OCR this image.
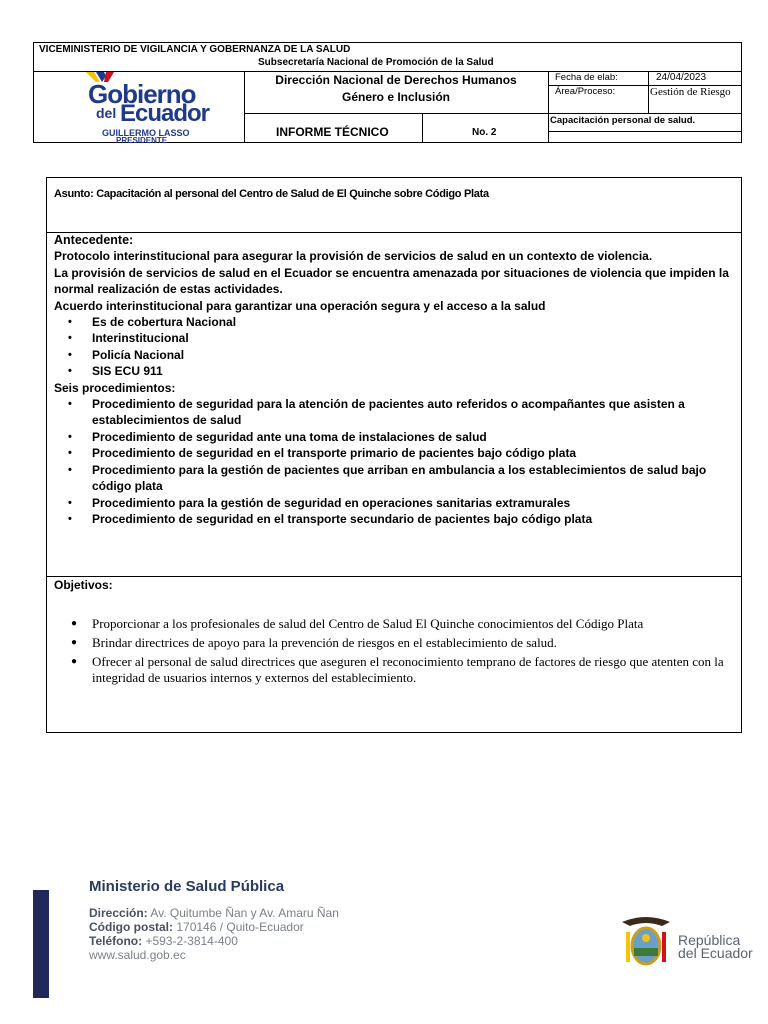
VICEMINISTERIO DE VIGILANCIA Y GOBERNANZA DE LA SALUD
Subsecretaría Nacional de Promoción de la Salud
Gobierno
del Ecuador
GUILLERMO LASSO
PRESIDENTE
Dirección Nacional de Derechos Humanos
Género e Inclusión
INFORME TÉCNICO	No. 2
Fecha de elab:	24/04/2023
Área/Proceso:	Gestión de Riesgo
Capacitación personal de salud.
Asunto: Capacitación al personal del Centro de Salud de El Quinche sobre Código Plata
Antecedente:
Protocolo interinstitucional para asegurar la provisión de servicios de salud en un contexto de violencia.
La provisión de servicios de salud en el Ecuador se encuentra amenazada por situaciones de violencia que impiden la normal realización de estas actividades.
Acuerdo interinstitucional para garantizar una operación segura y el acceso a la salud
• Es de cobertura Nacional
• Interinstitucional
• Policía Nacional
• SIS ECU 911
Seis procedimientos:
• Procedimiento de seguridad para la atención de pacientes auto referidos o acompañantes que asisten a establecimientos de salud
• Procedimiento de seguridad ante una toma de instalaciones de salud
• Procedimiento de seguridad en el transporte primario de pacientes bajo código plata
• Procedimiento para la gestión de pacientes que arriban en ambulancia a los establecimientos de salud bajo código plata
• Procedimiento para la gestión de seguridad en operaciones sanitarias extramurales
• Procedimiento de seguridad en el transporte secundario de pacientes bajo código plata
Objetivos:
● Proporcionar a los profesionales de salud del Centro de Salud El Quinche conocimientos del Código Plata
● Brindar directrices de apoyo para la prevención de riesgos en el establecimiento de salud.
● Ofrecer al personal de salud directrices que aseguren el reconocimiento temprano de factores de riesgo que atenten con la integridad de usuarios internos y externos del establecimiento.
Ministerio de Salud Pública
Dirección: Av. Quitumbe Ñan y Av. Amaru Ñan
Código postal: 170146 / Quito-Ecuador
Teléfono: +593-2-3814-400
www.salud.gob.ec
República
del Ecuador
